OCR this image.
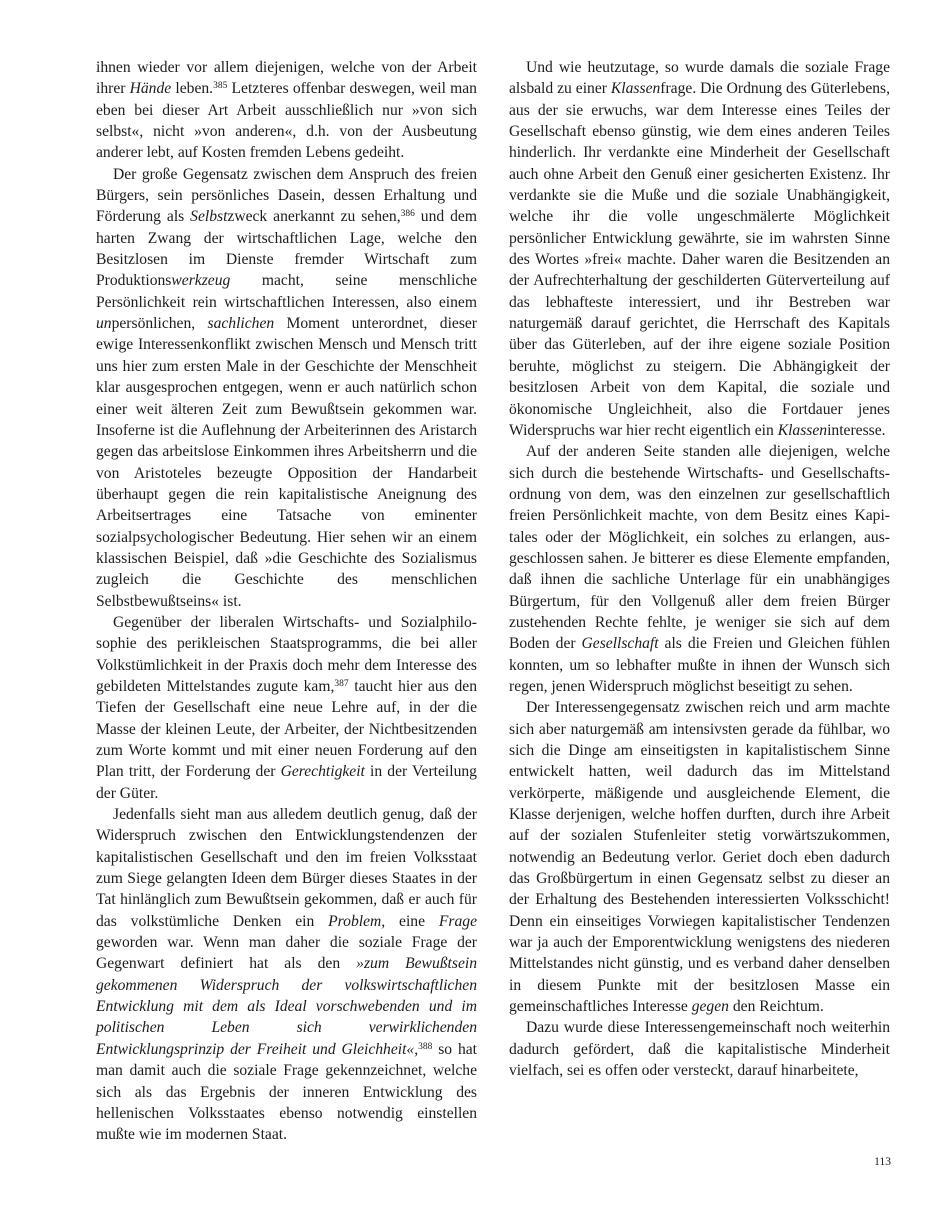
ihnen wieder vor allem diejenigen, welche von der Arbeit ihrer Hände leben.$^{385}$ Letzteres offenbar deswegen, weil man eben bei dieser Art Arbeit ausschließlich nur »von sich selbst«, nicht »von anderen«, d.h. von der Ausbeutung anderer lebt, auf Kosten fremden Lebens gedeiht.

Der große Gegensatz zwischen dem Anspruch des freien Bürgers, sein persönliches Dasein, dessen Erhaltung und Förderung als Selbstzweck anerkannt zu sehen,$^{386}$ und dem harten Zwang der wirtschaftlichen Lage, welche den Besitzlosen im Dienste fremder Wirtschaft zum Produktionswerkzeug macht, seine menschliche Persönlichkeit rein wirtschaftlichen Interessen, also einem unpersönlichen, sachlichen Moment unterordnet, dieser ewige Interessenkonflikt zwischen Mensch und Mensch tritt uns hier zum ersten Male in der Geschichte der Menschheit klar ausgesprochen entgegen, wenn er auch natürlich schon einer weit älteren Zeit zum Bewußtsein gekommen war. Insoferne ist die Auflehnung der Arbeiterinnen des Aristarch gegen das arbeitslose Einkommen ihres Arbeitsherrn und die von Aristoteles bezeugte Opposition der Handarbeit überhaupt gegen die rein kapitalistische Aneignung des Arbeitsertrages eine Tatsache von eminenter sozialpsychologischer Bedeutung. Hier sehen wir an einem klassischen Beispiel, daß »die Geschichte des Sozialismus zugleich die Geschichte des menschlichen Selbstbewußtseins« ist.

Gegenüber der liberalen Wirtschafts- und Sozialphilosophie des perikleischen Staatsprogramms, die bei aller Volkstümlichkeit in der Praxis doch mehr dem Interesse des gebildeten Mittelstandes zugute kam,$^{387}$ taucht hier aus den Tiefen der Gesellschaft eine neue Lehre auf, in der die Masse der kleinen Leute, der Arbeiter, der Nichtbesitzenden zum Worte kommt und mit einer neuen Forderung auf den Plan tritt, der Forderung der Gerechtigkeit in der Verteilung der Güter.

Jedenfalls sieht man aus alledem deutlich genug, daß der Widerspruch zwischen den Entwicklungstendenzen der kapitalistischen Gesellschaft und den im freien Volksstaat zum Siege gelangten Ideen dem Bürger dieses Staates in der Tat hinlänglich zum Bewußtsein gekommen, daß er auch für das volkstümliche Denken ein Problem, eine Frage geworden war. Wenn man daher die soziale Frage der Gegenwart definiert hat als den »zum Bewußtsein gekommenen Widerspruch der volkswirtschaftlichen Entwicklung mit dem als Ideal vorschwebenden und im politischen Leben sich verwirklichenden Entwicklungsprinzip der Freiheit und Gleichheit«,$^{388}$ so hat man damit auch die soziale Frage gekennzeichnet, welche sich als das Ergebnis der inneren Entwicklung des hellenischen Volksstaates ebenso notwendig einstellen mußte wie im modernen Staat.

Und wie heutzutage, so wurde damals die soziale Frage alsbald zu einer Klassenfrage. Die Ordnung des Güterlebens, aus der sie erwuchs, war dem Interesse eines Teiles der Gesellschaft ebenso günstig, wie dem eines anderen Teiles hinderlich. Ihr verdankte eine Minderheit der Gesellschaft auch ohne Arbeit den Genuß einer gesicherten Existenz. Ihr verdankte sie die Muße und die soziale Unabhängigkeit, welche ihr die volle ungeschmälerte Möglichkeit persönlicher Entwicklung gewährte, sie im wahrsten Sinne des Wortes »frei« machte. Daher waren die Besitzenden an der Aufrechterhaltung der geschilderten Güterverteilung auf das lebhafteste interessiert, und ihr Bestreben war naturgemäß darauf gerichtet, die Herrschaft des Kapitals über das Güterleben, auf der ihre eigene soziale Position beruhte, möglichst zu steigern. Die Abhängigkeit der besitzlosen Arbeit von dem Kapital, die soziale und ökonomische Ungleichheit, also die Fortdauer jenes Widerspruchs war hier recht eigentlich ein Klasseninteresse.

Auf der anderen Seite standen alle diejenigen, welche sich durch die bestehende Wirtschafts- und Gesellschaftsordnung von dem, was den einzelnen zur gesellschaftlich freien Persönlichkeit machte, von dem Besitz eines Kapitales oder der Möglichkeit, ein solches zu erlangen, ausgeschlossen sahen. Je bitterer es diese Elemente empfanden, daß ihnen die sachliche Unterlage für ein unabhängiges Bürgertum, für den Vollgenuß aller dem freien Bürger zustehenden Rechte fehlte, je weniger sie sich auf dem Boden der Gesellschaft als die Freien und Gleichen fühlen konnten, um so lebhafter mußte in ihnen der Wunsch sich regen, jenen Widerspruch möglichst beseitigt zu sehen.

Der Interessengegensatz zwischen reich und arm machte sich aber naturgemäß am intensivsten gerade da fühlbar, wo sich die Dinge am einseitigsten in kapitalistischem Sinne entwickelt hatten, weil dadurch das im Mittelstand verkörperte, mäßigende und ausgleichende Element, die Klasse derjenigen, welche hoffen durften, durch ihre Arbeit auf der sozialen Stufenleiter stetig vorwärtszukommen, notwendig an Bedeutung verlor. Geriet doch eben dadurch das Großbürgertum in einen Gegensatz selbst zu dieser an der Erhaltung des Bestehenden interessierten Volksschicht! Denn ein einseitiges Vorwiegen kapitalistischer Tendenzen war ja auch der Emporentwicklung wenigstens des niederen Mittelstandes nicht günstig, und es verband daher denselben in diesem Punkte mit der besitzlosen Masse ein gemeinschaftliches Interesse gegen den Reichtum.

Dazu wurde diese Interessengemeinschaft noch weiterhin dadurch gefördert, daß die kapitalistische Minderheit vielfach, sei es offen oder versteckt, darauf hinarbeitete,

113
